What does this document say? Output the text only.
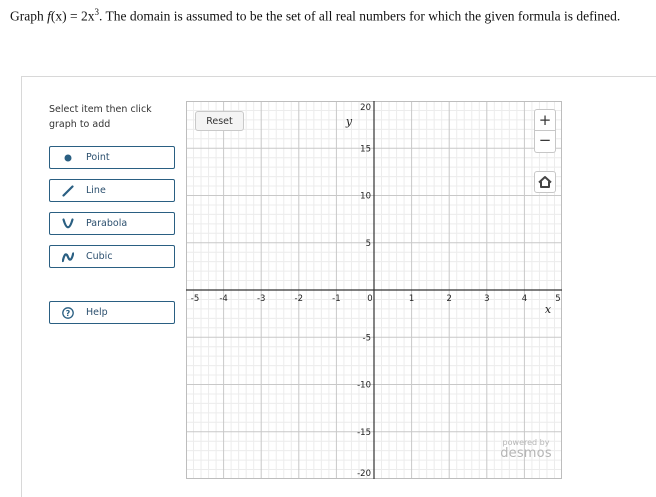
Graph $f(x) = 2x^3$. The domain is assumed to be the set of all real numbers for which the given formula is defined.
Select item then click graph to add
Point
Line
Parabola
Cubic
? Help
-5 -4	-3	-2	-1	0	1	2	3	4	5
20
15
10
5
-5
-10
-15
-20
x
y
Reset	+
−
powered by
desmos
